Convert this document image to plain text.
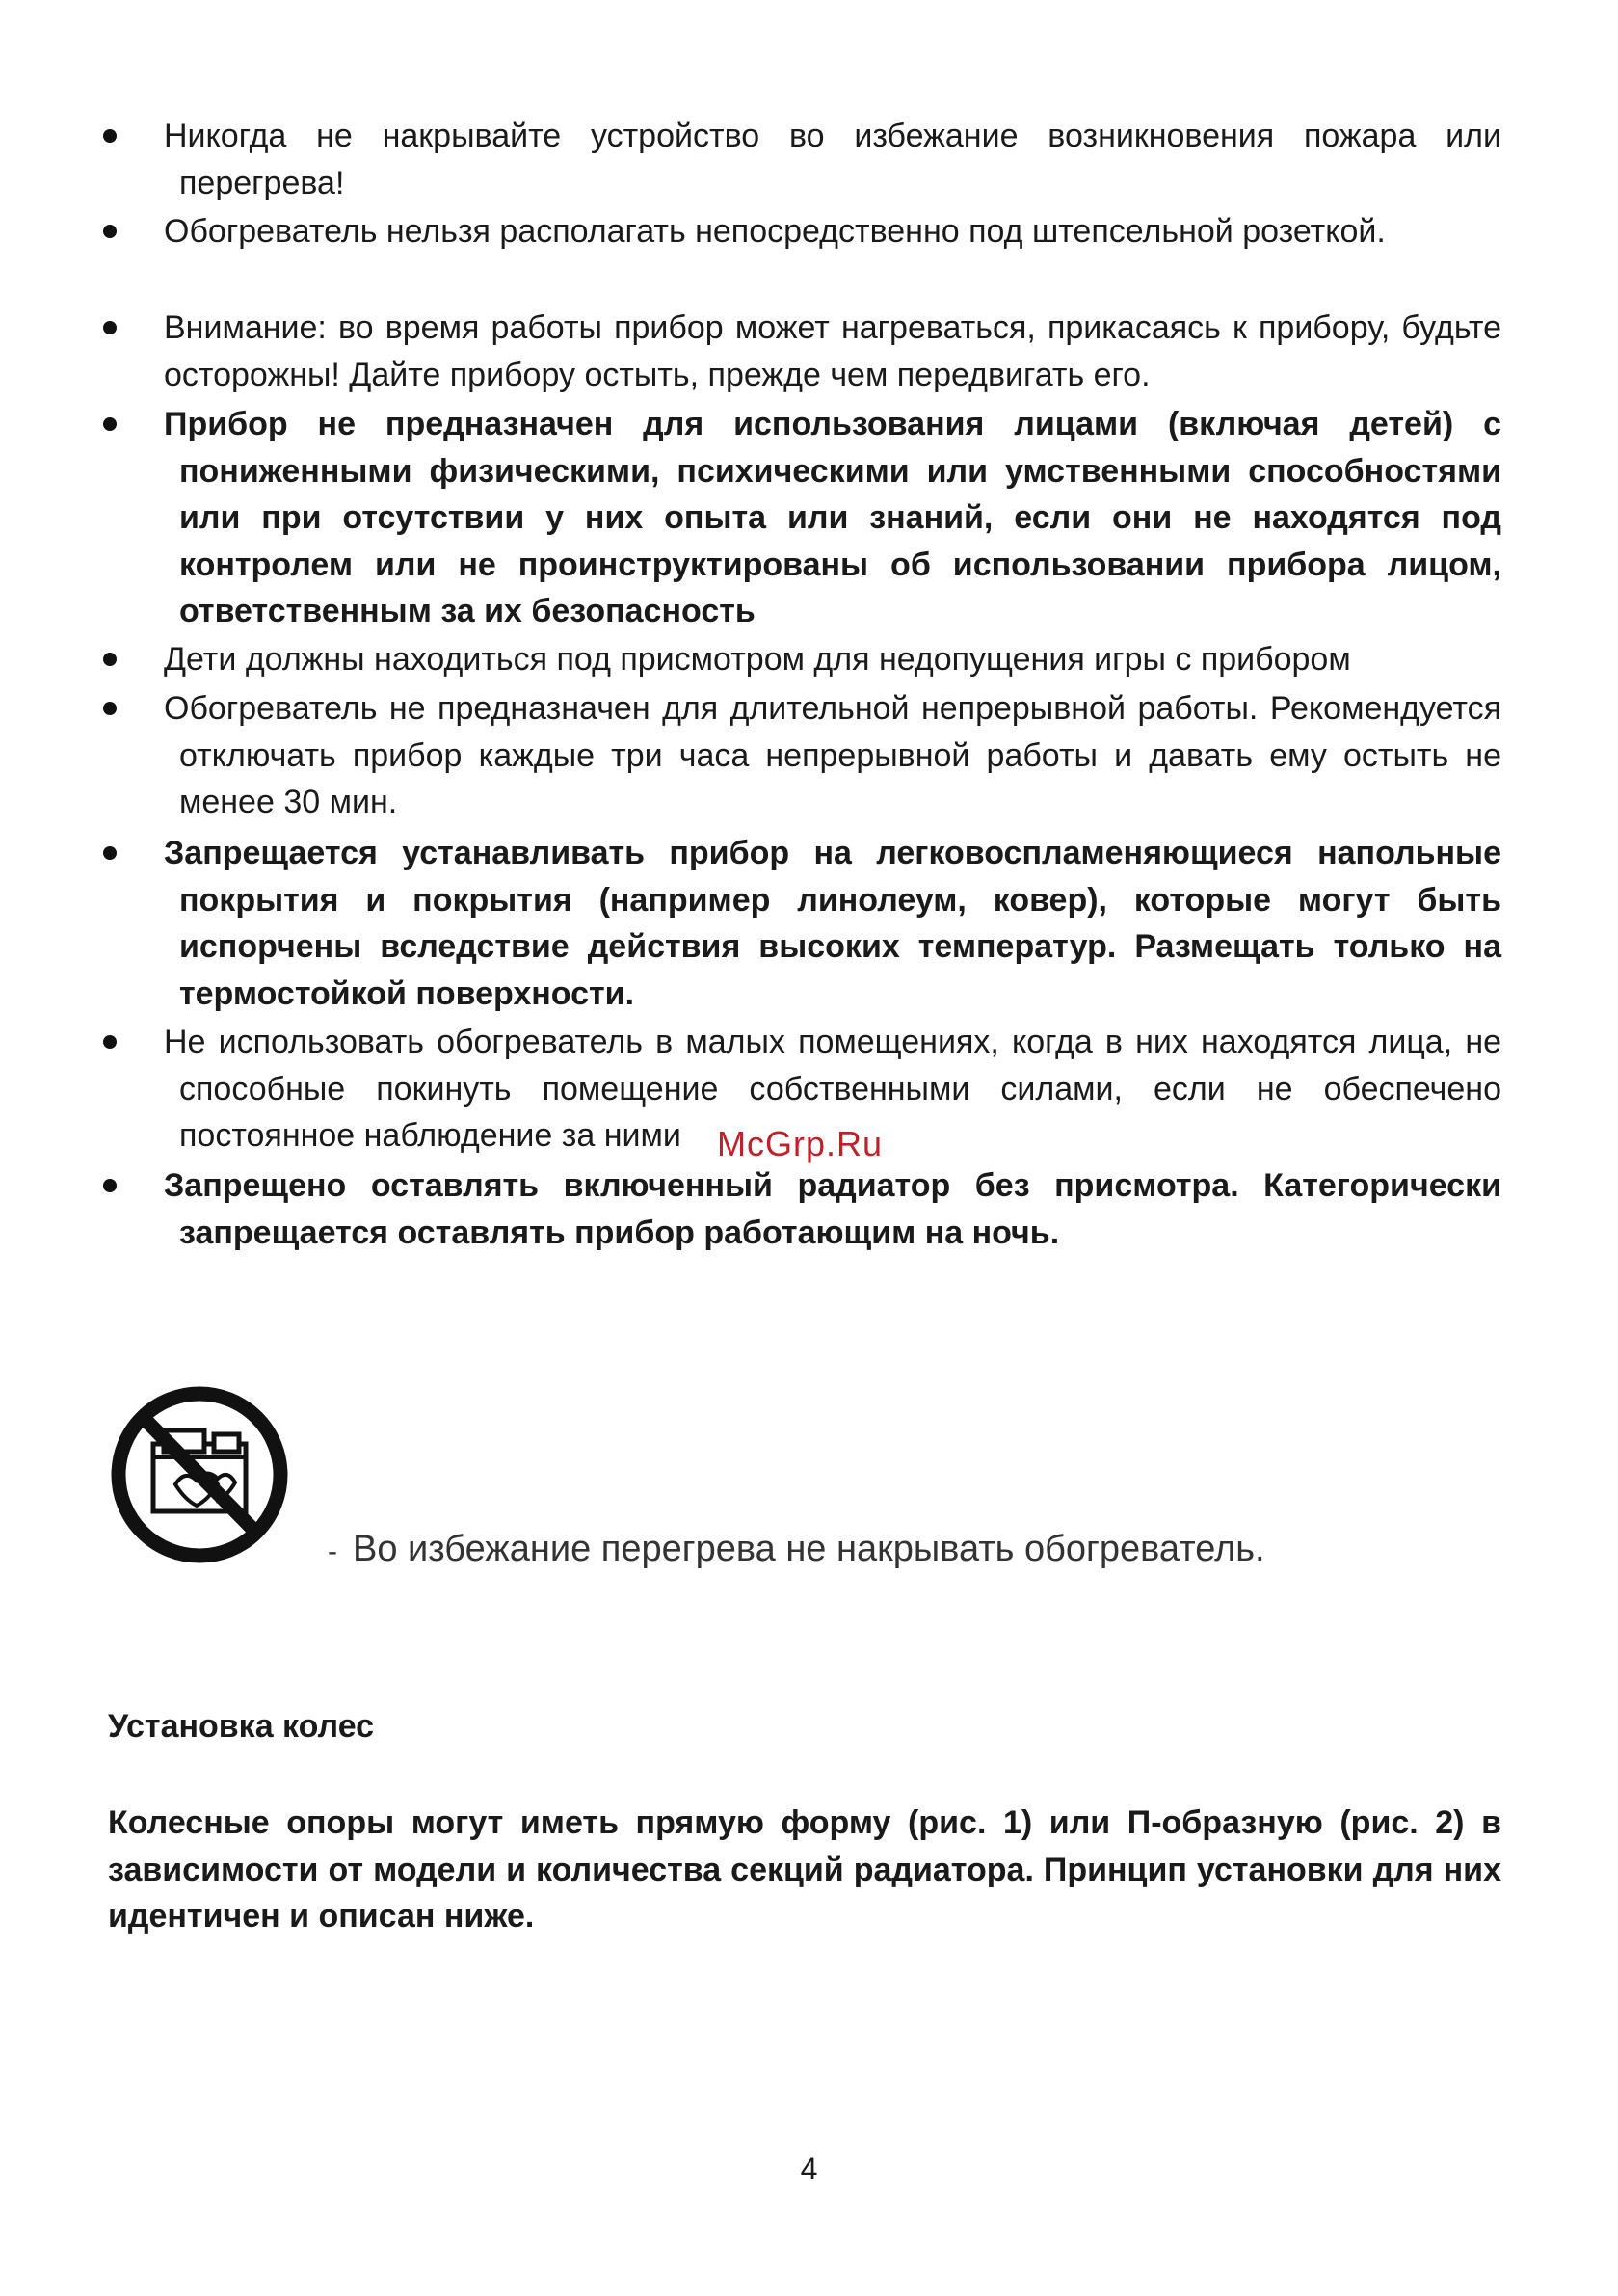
Никогда не накрывайте устройство во избежание возникновения пожара или перегрева!
Обогреватель нельзя располагать непосредственно под штепсельной розеткой.
Внимание: во время работы прибор может нагреваться, прикасаясь к прибору, будьте осторожны! Дайте прибору остыть, прежде чем передвигать его.
Прибор не предназначен для использования лицами (включая детей) с пониженными физическими, психическими или умственными способностями или при отсутствии у них опыта или знаний, если они не находятся под контролем или не проинструктированы об использовании прибора лицом, ответственным за их безопасность
Дети должны находиться под присмотром для недопущения игры с прибором
Обогреватель не предназначен для длительной непрерывной работы. Рекомендуется отключать прибор каждые три часа непрерывной работы и давать ему остыть не менее 30 мин.
Запрещается устанавливать прибор на легковоспламеняющиеся напольные покрытия и покрытия (например линолеум, ковер), которые могут быть испорчены вследствие действия высоких температур. Размещать только на термостойкой поверхности.
Не использовать обогреватель в малых помещениях, когда в них находятся лица, не способные покинуть помещение собственными силами, если не обеспечено постоянное наблюдение за ними
Запрещено оставлять включенный радиатор без присмотра. Категорически запрещается оставлять прибор работающим на ночь.
McGrp.Ru
- Во избежание перегрева не накрывать обогреватель.
Установка колес
Колесные опоры могут иметь прямую форму (рис. 1) или П-образную (рис. 2) в зависимости от модели и количества секций радиатора. Принцип установки для них идентичен и описан ниже.
4
